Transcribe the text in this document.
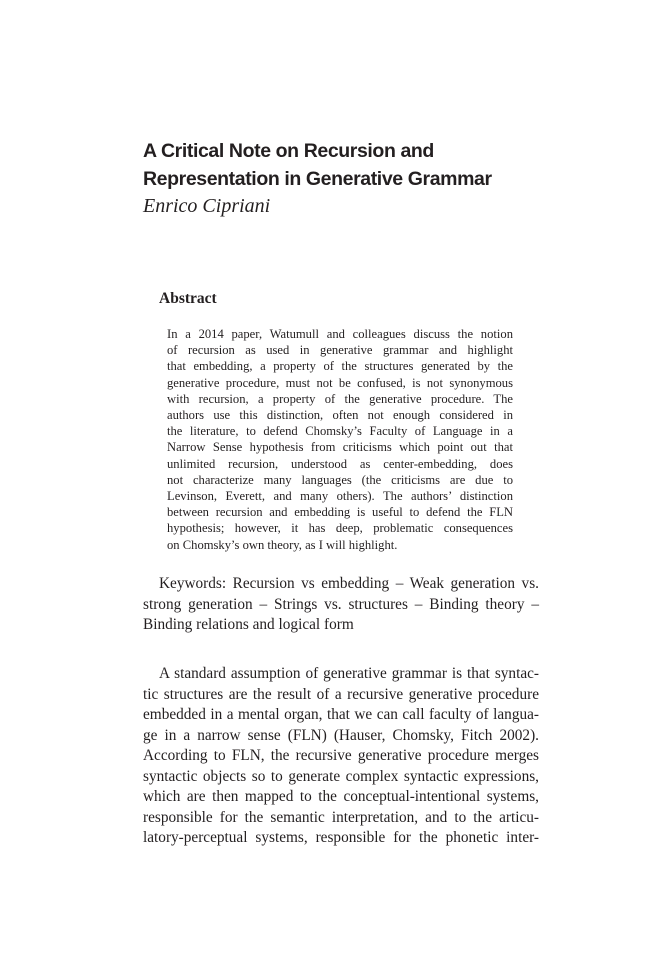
A Critical Note on Recursion and
Representation in Generative Grammar

Enrico Cipriani

Abstract
In a 2014 paper, Watumull and colleagues discuss the notion
of recursion as used in generative grammar and highlight
that embedding, a property of the structures generated by the
generative procedure, must not be confused, is not synonymous
with recursion, a property of the generative procedure. The
authors use this distinction, often not enough considered in
the literature, to defend Chomsky’s Faculty of Language in a
Narrow Sense hypothesis from criticisms which point out that
unlimited recursion, understood as center-embedding, does
not characterize many languages (the criticisms are due to
Levinson, Everett, and many others). The authors’ distinction
between recursion and embedding is useful to defend the FLN
hypothesis; however, it has deep, problematic consequences
on Chomsky’s own theory, as I will highlight.
Keywords: Recursion vs embedding – Weak generation vs.
strong generation – Strings vs. structures – Binding theory –
Binding relations and logical form
A standard assumption of generative grammar is that syntac-
tic structures are the result of a recursive generative procedure
embedded in a mental organ, that we can call faculty of langua-
ge in a narrow sense (FLN) (Hauser, Chomsky, Fitch 2002).
According to FLN, the recursive generative procedure merges
syntactic objects so to generate complex syntactic expressions,
which are then mapped to the conceptual-intentional systems,
responsible for the semantic interpretation, and to the articu-
latory-perceptual systems, responsible for the phonetic inter-
